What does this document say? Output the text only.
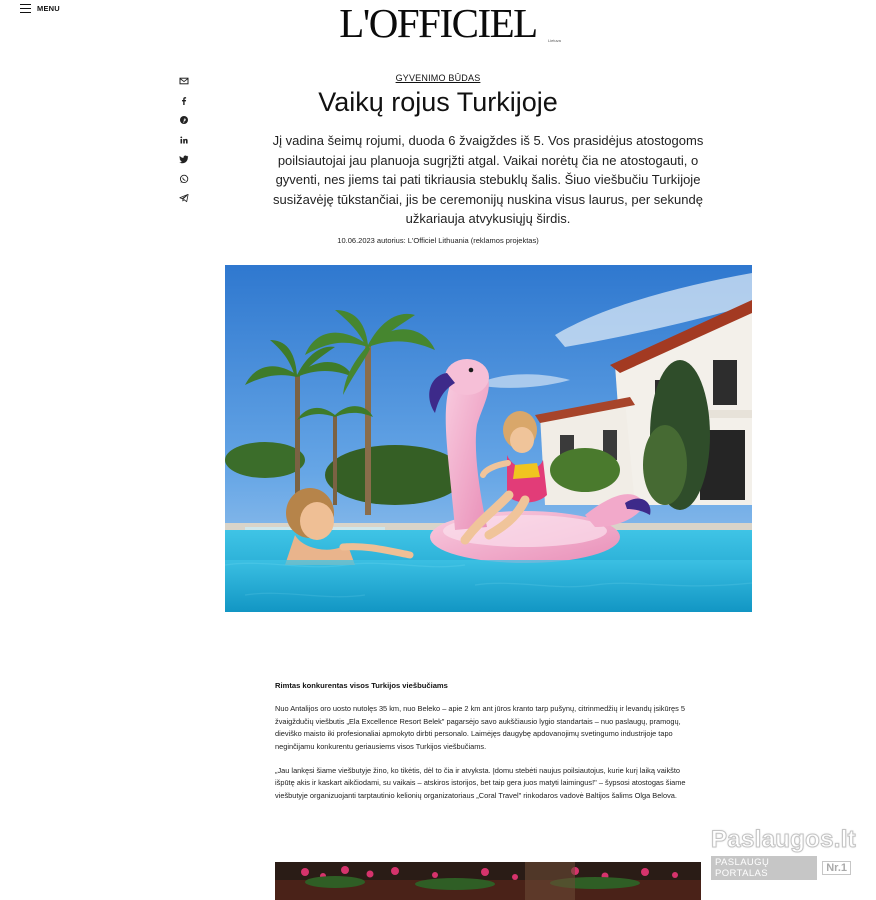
MENU	L'OFFICIEL	Lietuva
GYVENIMO BŪDAS
Vaikų rojus Turkijoje

Jį vadina šeimų rojumi, duoda 6 žvaigždes iš 5. Vos prasidėjus atostogoms poilsiautojai jau planuoja sugrįžti atgal. Vaikai norėtų čia ne atostogauti, o gyventi, nes jiems tai pati tikriausia stebuklų šalis. Šiuo viešbučiu Turkijoje susižavėję tūkstančiai, jis be ceremonijų nuskina visus laurus, per sekundę užkariauja atvykusiųjų širdis.

10.06.2023 autorius: L'Officiel Lithuania (reklamos projektas)
Rimtas konkurentas visos Turkijos viešbučiams

Nuo Antalijos oro uosto nutolęs 35 km, nuo Beleko – apie 2 km ant jūros kranto tarp pušynų, citrinmedžių ir levandų įsikūręs 5 žvaigždučių viešbutis „Ela Excellence Resort Belek" pagarsėjo savo aukščiausio lygio standartais – nuo paslaugų, pramogų, dieviško maisto iki profesionaliai apmokyto dirbti personalo. Laimėjęs daugybę apdovanojimų svetingumo industrijoje tapo neginčijamu konkurentu geriausiems visos Turkijos viešbučiams.

„Jau lankęsi šiame viešbutyje žino, ko tikėtis, dėl to čia ir atvyksta. Įdomu stebėti naujus poilsiautojus, kurie kurį laiką vaikšto išpūtę akis ir kaskart aikčiodami, su vaikais – atskiros istorijos, bet taip gera juos matyti laimingus!" – šypsosi atostogas šiame viešbutyje organizuojanti tarptautinio kelionių organizatoriaus „Coral Travel" rinkodaros vadovė Baltijos šalims Olga Belova.

Paslaugos.lt
PASLAUGŲ PORTALAS	Nr.1
